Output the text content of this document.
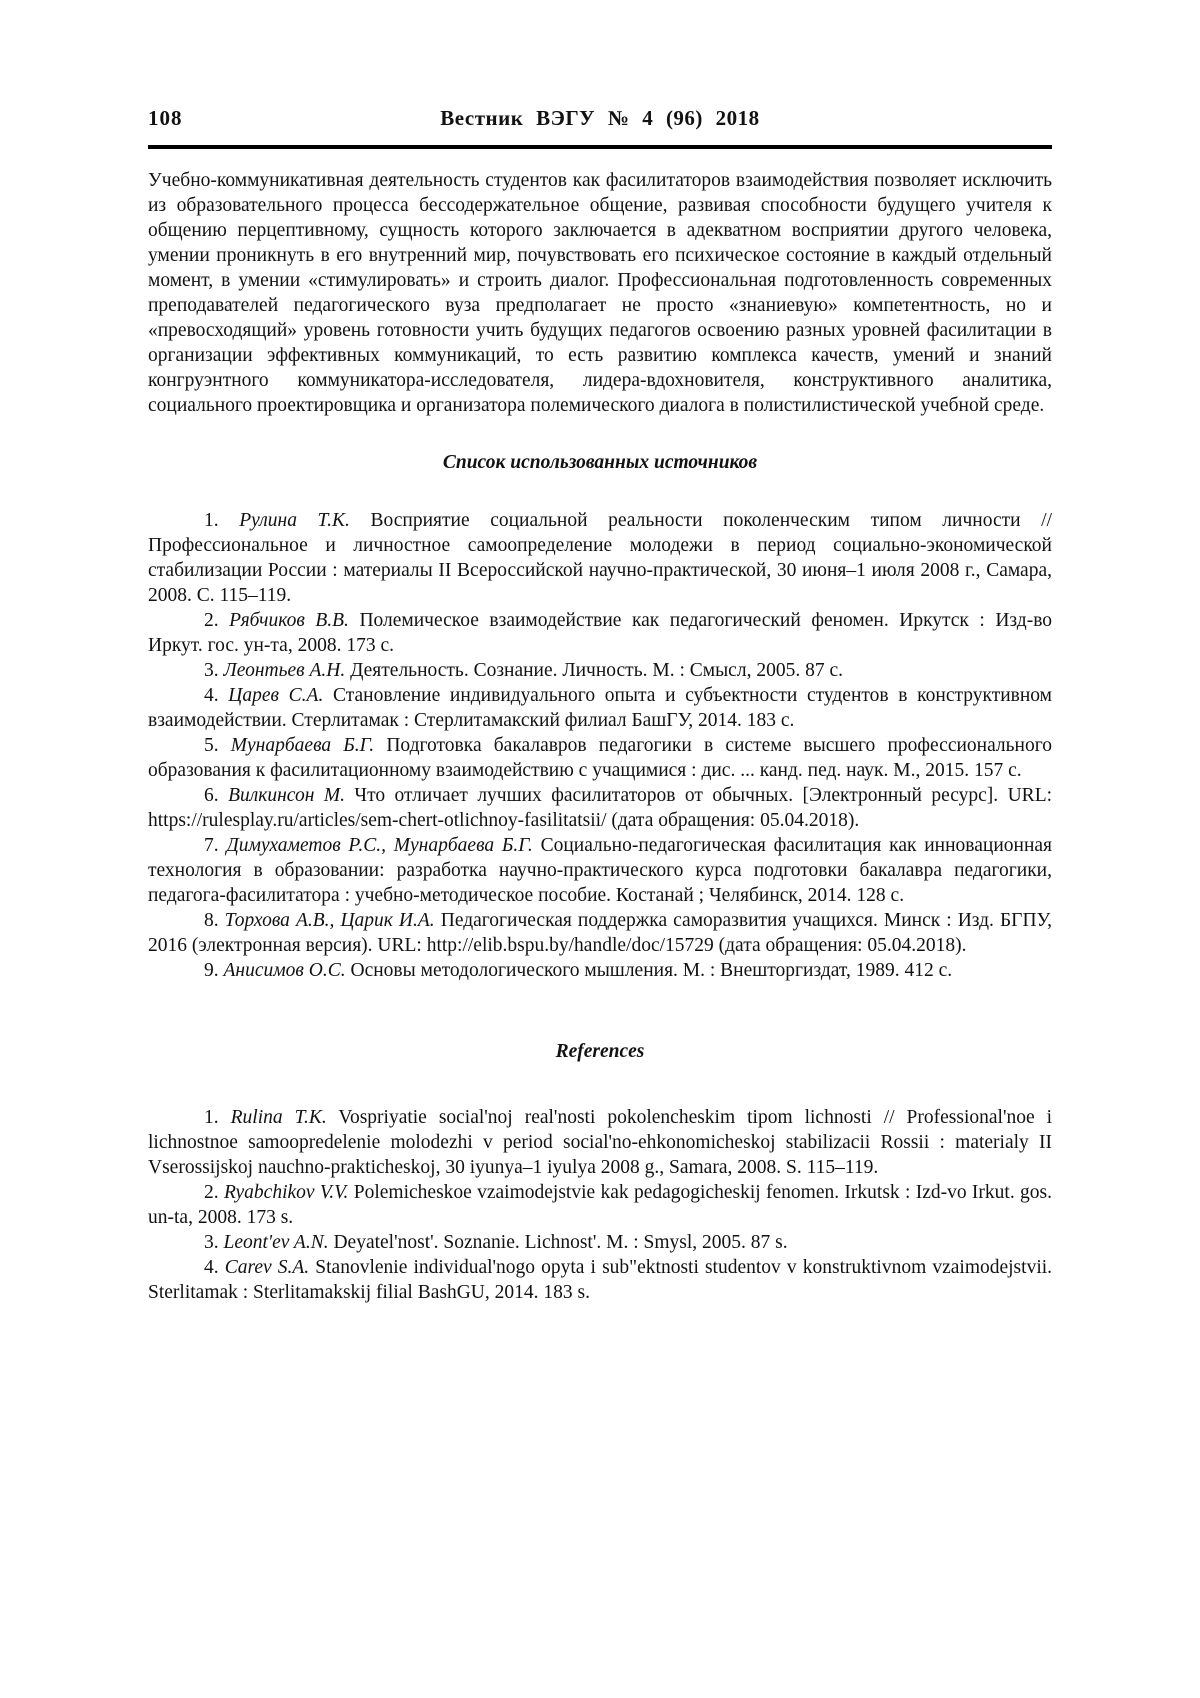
108	Вестник ВЭГУ № 4 (96) 2018

Учебно-коммуникативная деятельность студентов как фасилитаторов взаимодействия позволяет исключить из образовательного процесса бессодержательное общение, развивая способности будущего учителя к общению перцептивному, сущность которого заключается в адекватном восприятии другого человека, умении проникнуть в его внутренний мир, почувствовать его психическое состояние в каждый отдельный момент, в умении «стимулировать» и строить диалог. Профессиональная подготовленность современных преподавателей педагогического вуза предполагает не просто «знаниевую» компетентность, но и «превосходящий» уровень готовности учить будущих педагогов освоению разных уровней фасилитации в организации эффективных коммуникаций, то есть развитию комплекса качеств, умений и знаний конгруэнтного коммуникатора-исследователя, лидера-вдохновителя, конструктивного аналитика, социального проектировщика и организатора полемического диалога в полистилистической учебной среде.

Список использованных источников

1. Рулина Т.К. Восприятие социальной реальности поколенческим типом личности // Профессиональное и личностное самоопределение молодежи в период социально-экономической стабилизации России : материалы II Всероссийской научно-практической, 30 июня–1 июля 2008 г., Самара, 2008. С. 115–119.

2. Рябчиков В.В. Полемическое взаимодействие как педагогический феномен. Иркутск : Изд-во Иркут. гос. ун-та, 2008. 173 с.

3. Леонтьев А.Н. Деятельность. Сознание. Личность. М. : Смысл, 2005. 87 с.

4. Царев С.А. Становление индивидуального опыта и субъектности студентов в конструктивном взаимодействии. Стерлитамак : Стерлитамакский филиал БашГУ, 2014. 183 с.

5. Мунарбаева Б.Г. Подготовка бакалавров педагогики в системе высшего профессионального образования к фасилитационному взаимодействию с учащимися : дис. ... канд. пед. наук. М., 2015. 157 с.

6. Вилкинсон М. Что отличает лучших фасилитаторов от обычных. [Электронный ресурс]. URL: https://rulesplay.ru/articles/sem-chert-otlichnoy-fasilitatsii/ (дата обращения: 05.04.2018).

7. Димухаметов Р.С., Мунарбаева Б.Г. Социально-педагогическая фасилитация как инновационная технология в образовании: разработка научно-практического курса подготовки бакалавра педагогики, педагога-фасилитатора : учебно-методическое пособие. Костанай ; Челябинск, 2014. 128 с.

8. Торхова А.В., Царик И.А. Педагогическая поддержка саморазвития учащихся. Минск : Изд. БГПУ, 2016 (электронная версия). URL: http://elib.bspu.by/handle/doc/15729 (дата обращения: 05.04.2018).

9. Анисимов О.С. Основы методологического мышления. М. : Внешторгиздат, 1989. 412 с.

References

1. Rulina T.K. Vospriyatie social'noj real'nosti pokolencheskim tipom lichnosti // Professional'noe i lichnostnoe samoopredelenie molodezhi v period social'no-ehkonomicheskoj stabilizacii Rossii : materialy II Vserossijskoj nauchno-prakticheskoj, 30 iyunya–1 iyulya 2008 g., Samara, 2008. S. 115–119.

2. Ryabchikov V.V. Polemicheskoe vzaimodejstvie kak pedagogicheskij fenomen. Irkutsk : Izd-vo Irkut. gos. un-ta, 2008. 173 s.

3. Leont'ev A.N. Deyatel'nost'. Soznanie. Lichnost'. M. : Smysl, 2005. 87 s.

4. Carev S.A. Stanovlenie individual'nogo opyta i sub"ektnosti studentov v konstruktivnom vzaimodejstvii. Sterlitamak : Sterlitamakskij filial BashGU, 2014. 183 s.
